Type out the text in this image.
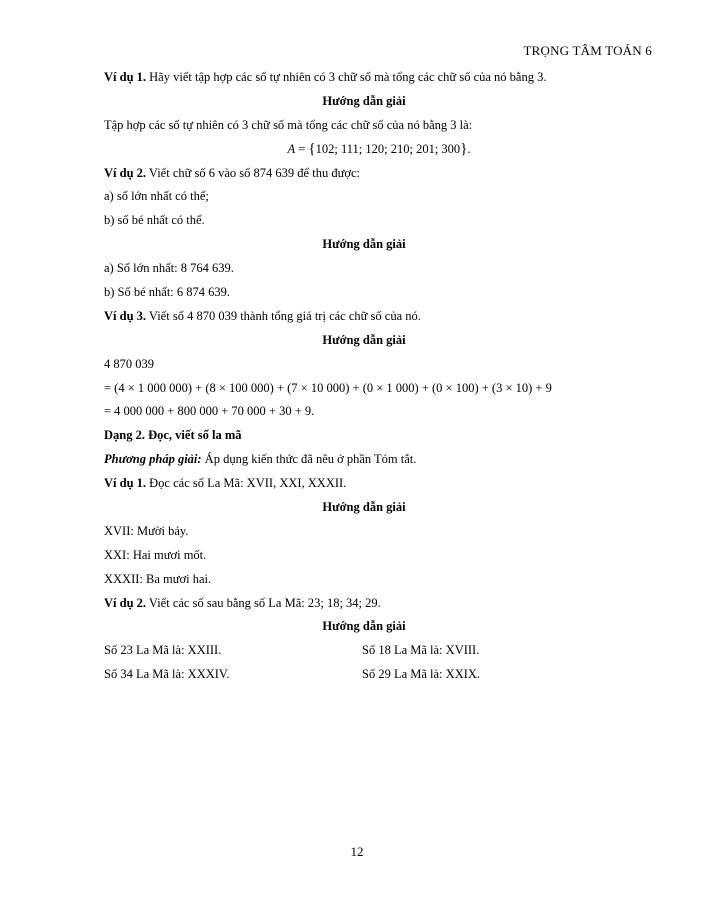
TRỌNG TÂM TOÁN 6
Ví dụ 1. Hãy viết tập hợp các số tự nhiên có 3 chữ số mà tổng các chữ số của nó bằng 3.
Hướng dẫn giải
Tập hợp các số tự nhiên có 3 chữ số mà tổng các chữ số của nó bằng 3 là:
A = {102; 111; 120; 210; 201; 300}.
Ví dụ 2. Viết chữ số 6 vào số 874 639 để thu được:
a) số lớn nhất có thể;
b) số bé nhất có thể.
Hướng dẫn giải
a) Số lớn nhất: 8 764 639.
b) Số bé nhất: 6 874 639.
Ví dụ 3. Viết số 4 870 039 thành tổng giá trị các chữ số của nó.
Hướng dẫn giải
4 870 039
= (4 × 1 000 000) + (8 × 100 000) + (7 × 10 000) + (0 × 1 000) + (0 × 100) + (3 × 10) + 9
= 4 000 000 + 800 000 + 70 000 + 30 + 9.
Dạng 2. Đọc, viết số la mã
Phương pháp giải: Áp dụng kiến thức đã nêu ở phần Tóm tắt.
Ví dụ 1. Đọc các số La Mã: XVII, XXI, XXXII.
Hướng dẫn giải
XVII: Mười bảy.
XXI: Hai mươi mốt.
XXXII: Ba mươi hai.
Ví dụ 2. Viết các số sau bằng số La Mã: 23; 18; 34; 29.
Hướng dẫn giải
Số 23 La Mã là: XXIII.	Số 18 La Mã là: XVIII.
Số 34 La Mã là: XXXIV.	Số 29 La Mã là: XXIX.
12
